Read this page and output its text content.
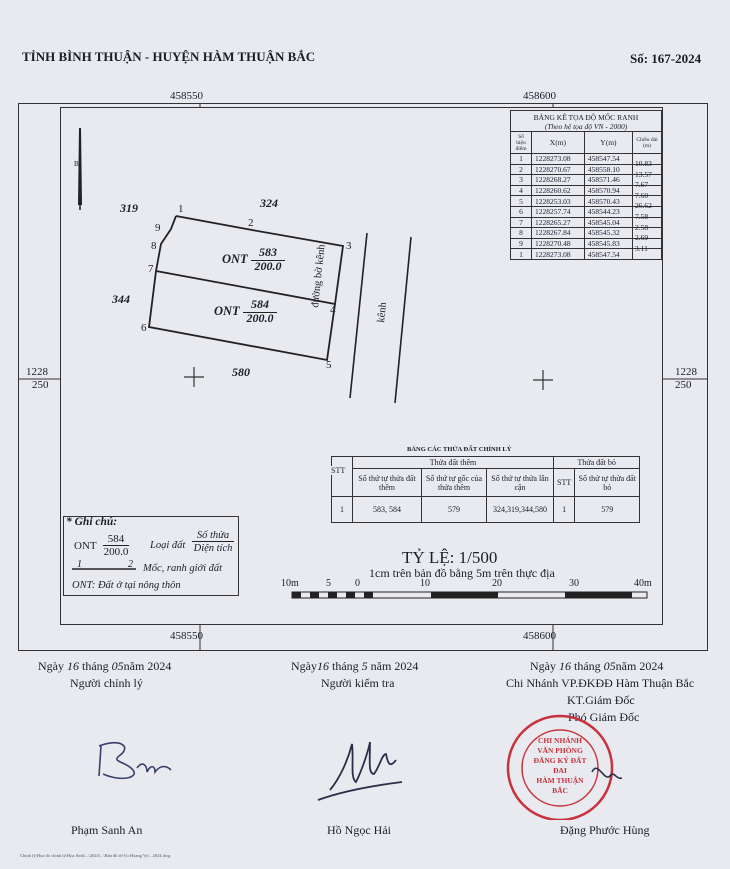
TỈNH BÌNH THUẬN - HUYỆN HÀM THUẬN BẮC	Số: 167-2024
458550	458600
458550	458600
1228
250
1228
250
B
319	324
344
580
1
2
3
4
5
6
7
8
9
ONT 583
200.0
ONT 584
200.0
đường bờ kênh
kênh
BẢNG KÊ TỌA ĐỘ MỐC RANH
(Theo hệ tọa độ VN - 2000)			

Số hiệu điểm	X(m)	Y(m)	Chiều dài (m)
1	1228273.08	458547.54	10.83

2	1228270.67	458558.10	13.57

3	1228268.27	458571.46	7.67

4	1228260.62	458570.94	7.60

5	1228253.03	458570.43	26.62

6	1228257.74	458544.23	7.58

7	1228265.27	458545.04	2.58

8	1228267.84	458545.32	2.69

9	1228270.48	458545.83	3.11

1	1228273.08	458547.54	
BẢNG CÁC THỬA ĐẤT CHỈNH LÝ
	Thửa đất thêm			Thửa đất bỏ	
	Số thứ tự thửa đất thêm	Số thứ tự gốc của thửa thêm	Số thứ tự thửa lân cận	STT	Số thứ tự thửa đất bỏ
1	583, 584	579	324,319,344,580	1	579
STT
* Ghi chú:
ONT
584
200.0
Loại đất
Số thửa
Diện tích
1	2 Mốc, ranh giới đất
ONT: Đất ở tại nông thôn
TỶ LỆ: 1/500
1cm trên bản đồ bằng 5m trên thực địa
10m	5 0	10	20	30	40m
Ngày 16 tháng 05năm 2024	Ngày16 tháng 5 năm 2024	Ngày 16 tháng 05năm 2024
Người chỉnh lý	Người kiểm tra	Chi Nhánh VP.ĐKĐĐ Hàm Thuận Bắc
KT.Giám Đốc
Phó Giám Đốc
CHI NHÁNH
VĂN PHÒNG
ĐĂNG KÝ ĐẤT ĐAI
HÀM THUẬN BẮC
Phạm Sanh An	Hồ Ngọc Hải	Đặng Phước Hùng
Chinh lý\Hoa do chinh lý\Hoa Sinh\...\2024\...\Bản đồ tờ\Vu Hoang Vy\...2024.dwg
